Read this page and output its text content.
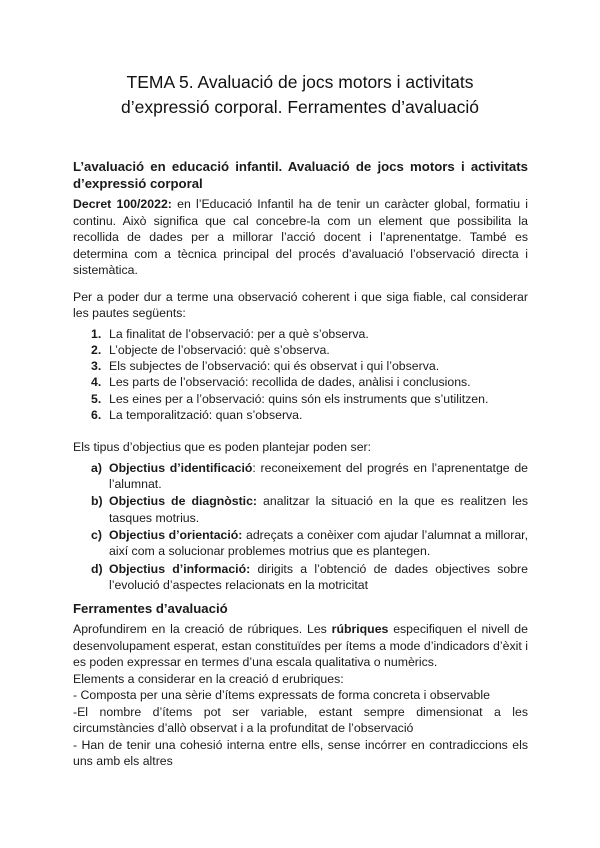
TEMA 5. Avaluació de jocs motors i activitats
d’expressió corporal. Ferramentes d’avaluació
L’avaluació en educació infantil. Avaluació de jocs motors i activitats d’expressió corporal

Decret 100/2022: en l’Educació Infantil ha de tenir un caràcter global, formatiu i continu. Això significa que cal concebre-la com un element que possibilita la recollida de dades per a millorar l’acció docent i l’aprenentatge. També es determina com a tècnica principal del procés d’avaluació l’observació directa i sistemàtica.

Per a poder dur a terme una observació coherent i que siga fiable, cal considerar les pautes següents:

1. La finalitat de l’observació: per a què s’observa.
2. L’objecte de l’observació: què s’observa.
3. Els subjectes de l’observació: qui és observat i qui l’observa.
4. Les parts de l’observació: recollida de dades, anàlisi i conclusions.
5. Les eines per a l’observació: quins són els instruments que s’utilitzen.
6. La temporalització: quan s’observa.

Els tipus d’objectius que es poden plantejar poden ser:

a) Objectius d’identificació: reconeixement del progrés en l’aprenentatge de l’alumnat.
b) Objectius de diagnòstic: analitzar la situació en la que es realitzen les tasques motrius.
c) Objectius d’orientació: adreçats a conèixer com ajudar l’alumnat a millorar, així com a solucionar problemes motrius que es plantegen.
d) Objectius d’informació: dirigits a l’obtenció de dades objectives sobre l’evolució d’aspectes relacionats en la motricitat
Ferramentes d’avaluació

Aprofundirem en la creació de rúbriques. Les rúbriques especifiquen el nivell de desenvolupament esperat, estan constituïdes per ítems a mode d’indicadors d’èxit i es poden expressar en termes d’una escala qualitativa o numèrics.

Elements a considerar en la creació d erubriques:

- Composta per una sèrie d’ítems expressats de forma concreta i observable

-El nombre d’ítems pot ser variable, estant sempre dimensionat a les circumstàncies d’allò observat i a la profunditat de l’observació

- Han de tenir una cohesió interna entre ells, sense incórrer en contradiccions els uns amb els altres
